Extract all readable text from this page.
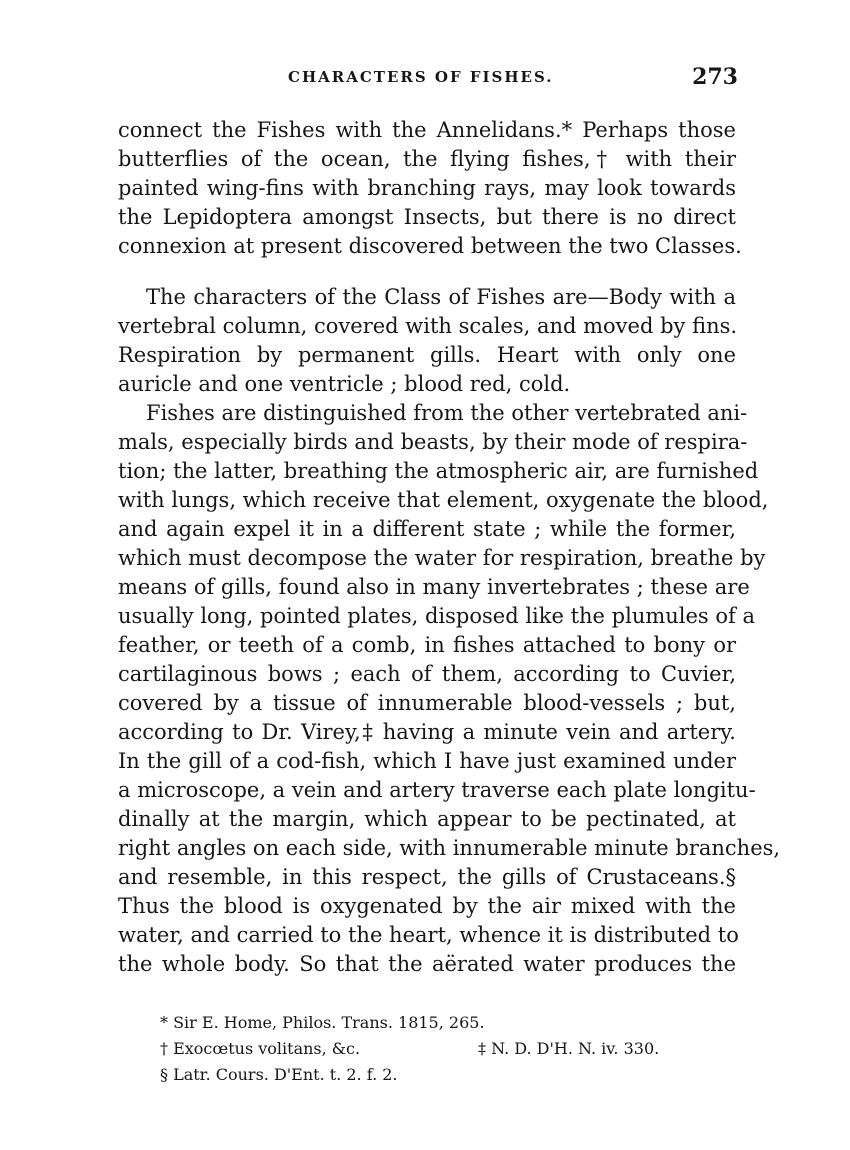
CHARACTERS OF FISHES.	273
connect the Fishes with the Annelidans.* Perhaps those
butterflies of the ocean, the flying fishes,† with their
painted wing-fins with branching rays, may look towards
the Lepidoptera amongst Insects, but there is no direct
connexion at present discovered between the two Classes.
The characters of the Class of Fishes are—Body with a
vertebral column, covered with scales, and moved by fins.
Respiration by permanent gills. Heart with only one
auricle and one ventricle ; blood red, cold.
Fishes are distinguished from the other vertebrated ani-
mals, especially birds and beasts, by their mode of respira-
tion; the latter, breathing the atmospheric air, are furnished
with lungs, which receive that element, oxygenate the blood,
and again expel it in a different state ; while the former,
which must decompose the water for respiration, breathe by
means of gills, found also in many invertebrates ; these are
usually long, pointed plates, disposed like the plumules of a
feather, or teeth of a comb, in fishes attached to bony or
cartilaginous bows ; each of them, according to Cuvier,
covered by a tissue of innumerable blood-vessels ; but,
according to Dr. Virey,‡ having a minute vein and artery.
In the gill of a cod-fish, which I have just examined under
a microscope, a vein and artery traverse each plate longitu-
dinally at the margin, which appear to be pectinated, at
right angles on each side, with innumerable minute branches,
and resemble, in this respect, the gills of Crustaceans.§
Thus the blood is oxygenated by the air mixed with the
water, and carried to the heart, whence it is distributed to
the whole body. So that the aërated water produces the
* Sir E. Home, Philos. Trans. 1815, 265.
† Exocœtus volitans, &c.	‡ N. D. D'H. N. iv. 330.
§ Latr. Cours. D'Ent. t. 2. f. 2.
